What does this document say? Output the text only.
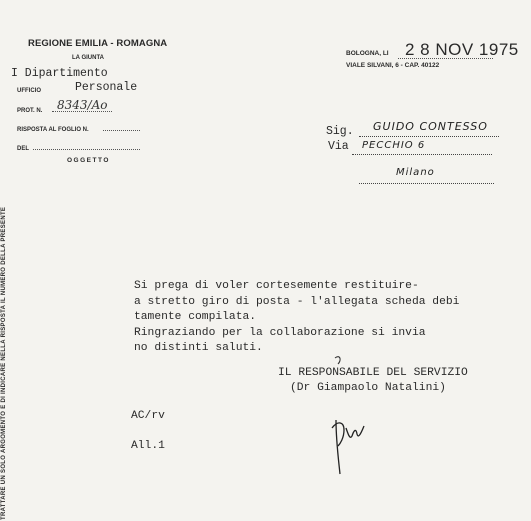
REGIONE EMILIA - ROMAGNA
LA GIUNTA
I Dipartimento
UFFICIO	Personale
PROT. N. 8343/Ao
RISPOSTA AL FOGLIO N.
DEL
OGGETTO
BOLOGNA, LI 2 8 NOV 1975
VIALE SILVANI, 6 - CAP. 40122
Sig. GUIDO CONTESSO
Via PECCHIO 6
Milano
TRATTARE UN SOLO ARGOMENTO E DI INDICARE NELLA RISPOSTA IL NUMERO DELLA PRESENTE	Si prega di voler cortesemente restituire-
a stretto giro di posta - l'allegata scheda debi
tamente compilata.
Ringraziando per la collaborazione si invia
no distinti saluti.
IL RESPONSABILE DEL SERVIZIO
(Dr Giampaolo Natalini)
AC/rv
All.1
